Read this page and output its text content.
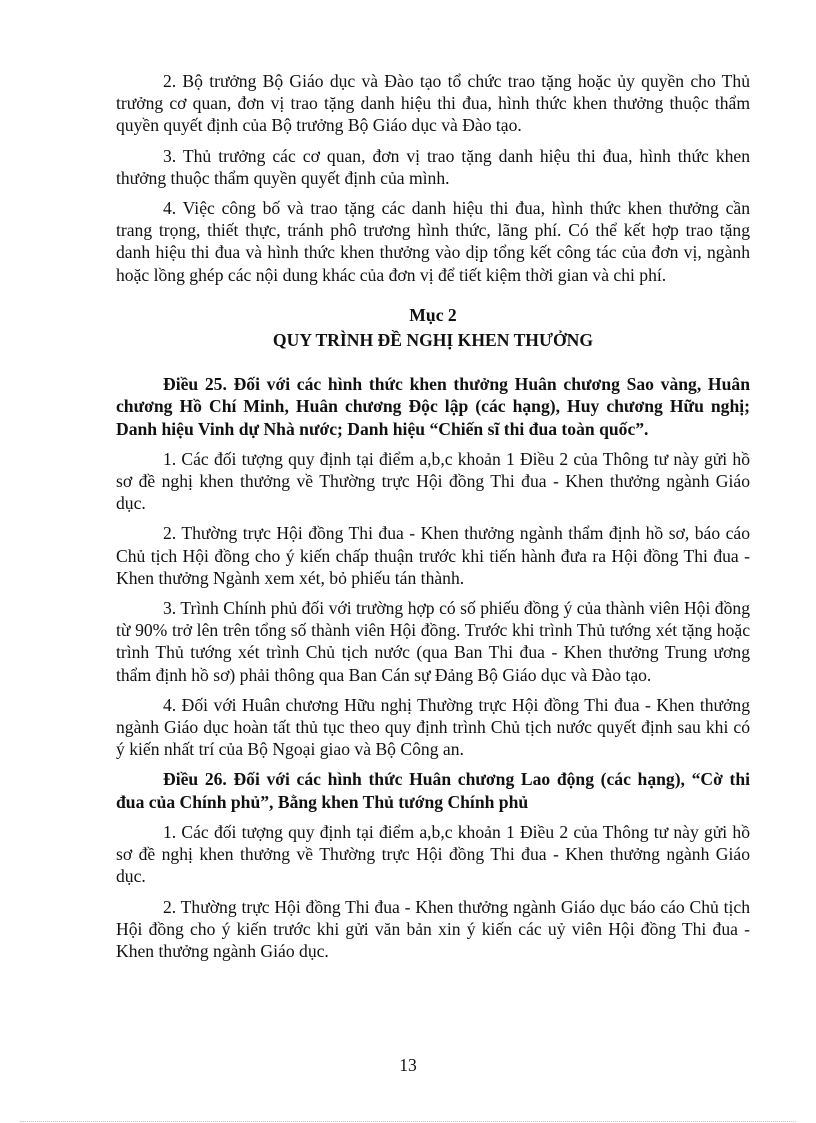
2. Bộ trưởng Bộ Giáo dục và Đào tạo tổ chức trao tặng hoặc ủy quyền cho Thủ trưởng cơ quan, đơn vị trao tặng danh hiệu thi đua, hình thức khen thưởng thuộc thẩm quyền quyết định của Bộ trưởng Bộ Giáo dục và Đào tạo.

3. Thủ trưởng các cơ quan, đơn vị trao tặng danh hiệu thi đua, hình thức khen thưởng thuộc thẩm quyền quyết định của mình.

4. Việc công bố và trao tặng các danh hiệu thi đua, hình thức khen thưởng cần trang trọng, thiết thực, tránh phô trương hình thức, lãng phí. Có thể kết hợp trao tặng danh hiệu thi đua và hình thức khen thưởng vào dịp tổng kết công tác của đơn vị, ngành hoặc lồng ghép các nội dung khác của đơn vị để tiết kiệm thời gian và chi phí.

Mục 2

QUY TRÌNH ĐỀ NGHỊ KHEN THƯỞNG

Điều 25. Đối với các hình thức khen thưởng Huân chương Sao vàng, Huân chương Hồ Chí Minh, Huân chương Độc lập (các hạng), Huy chương Hữu nghị; Danh hiệu Vinh dự Nhà nước; Danh hiệu “Chiến sĩ thi đua toàn quốc”.

1. Các đối tượng quy định tại điểm a,b,c khoản 1 Điều 2 của Thông tư này gửi hồ sơ đề nghị khen thưởng về Thường trực Hội đồng Thi đua - Khen thưởng ngành Giáo dục.

2. Thường trực Hội đồng Thi đua - Khen thưởng ngành thẩm định hồ sơ, báo cáo Chủ tịch Hội đồng cho ý kiến chấp thuận trước khi tiến hành đưa ra Hội đồng Thi đua - Khen thưởng Ngành xem xét, bỏ phiếu tán thành.

3. Trình Chính phủ đối với trường hợp có số phiếu đồng ý của thành viên Hội đồng từ 90% trở lên trên tổng số thành viên Hội đồng. Trước khi trình Thủ tướng xét tặng hoặc trình Thủ tướng xét trình Chủ tịch nước (qua Ban Thi đua - Khen thưởng Trung ương thẩm định hồ sơ) phải thông qua Ban Cán sự Đảng Bộ Giáo dục và Đào tạo.

4. Đối với Huân chương Hữu nghị Thường trực Hội đồng Thi đua - Khen thưởng ngành Giáo dục hoàn tất thủ tục theo quy định trình Chủ tịch nước quyết định sau khi có ý kiến nhất trí của Bộ Ngoại giao và Bộ Công an.

Điều 26. Đối với các hình thức Huân chương Lao động (các hạng), “Cờ thi đua của Chính phủ”, Bằng khen Thủ tướng Chính phủ

1. Các đối tượng quy định tại điểm a,b,c khoản 1 Điều 2 của Thông tư này gửi hồ sơ đề nghị khen thưởng về Thường trực Hội đồng Thi đua - Khen thưởng ngành Giáo dục.

2. Thường trực Hội đồng Thi đua - Khen thưởng ngành Giáo dục báo cáo Chủ tịch Hội đồng cho ý kiến trước khi gửi văn bản xin ý kiến các uỷ viên Hội đồng Thi đua - Khen thưởng ngành Giáo dục.

13
